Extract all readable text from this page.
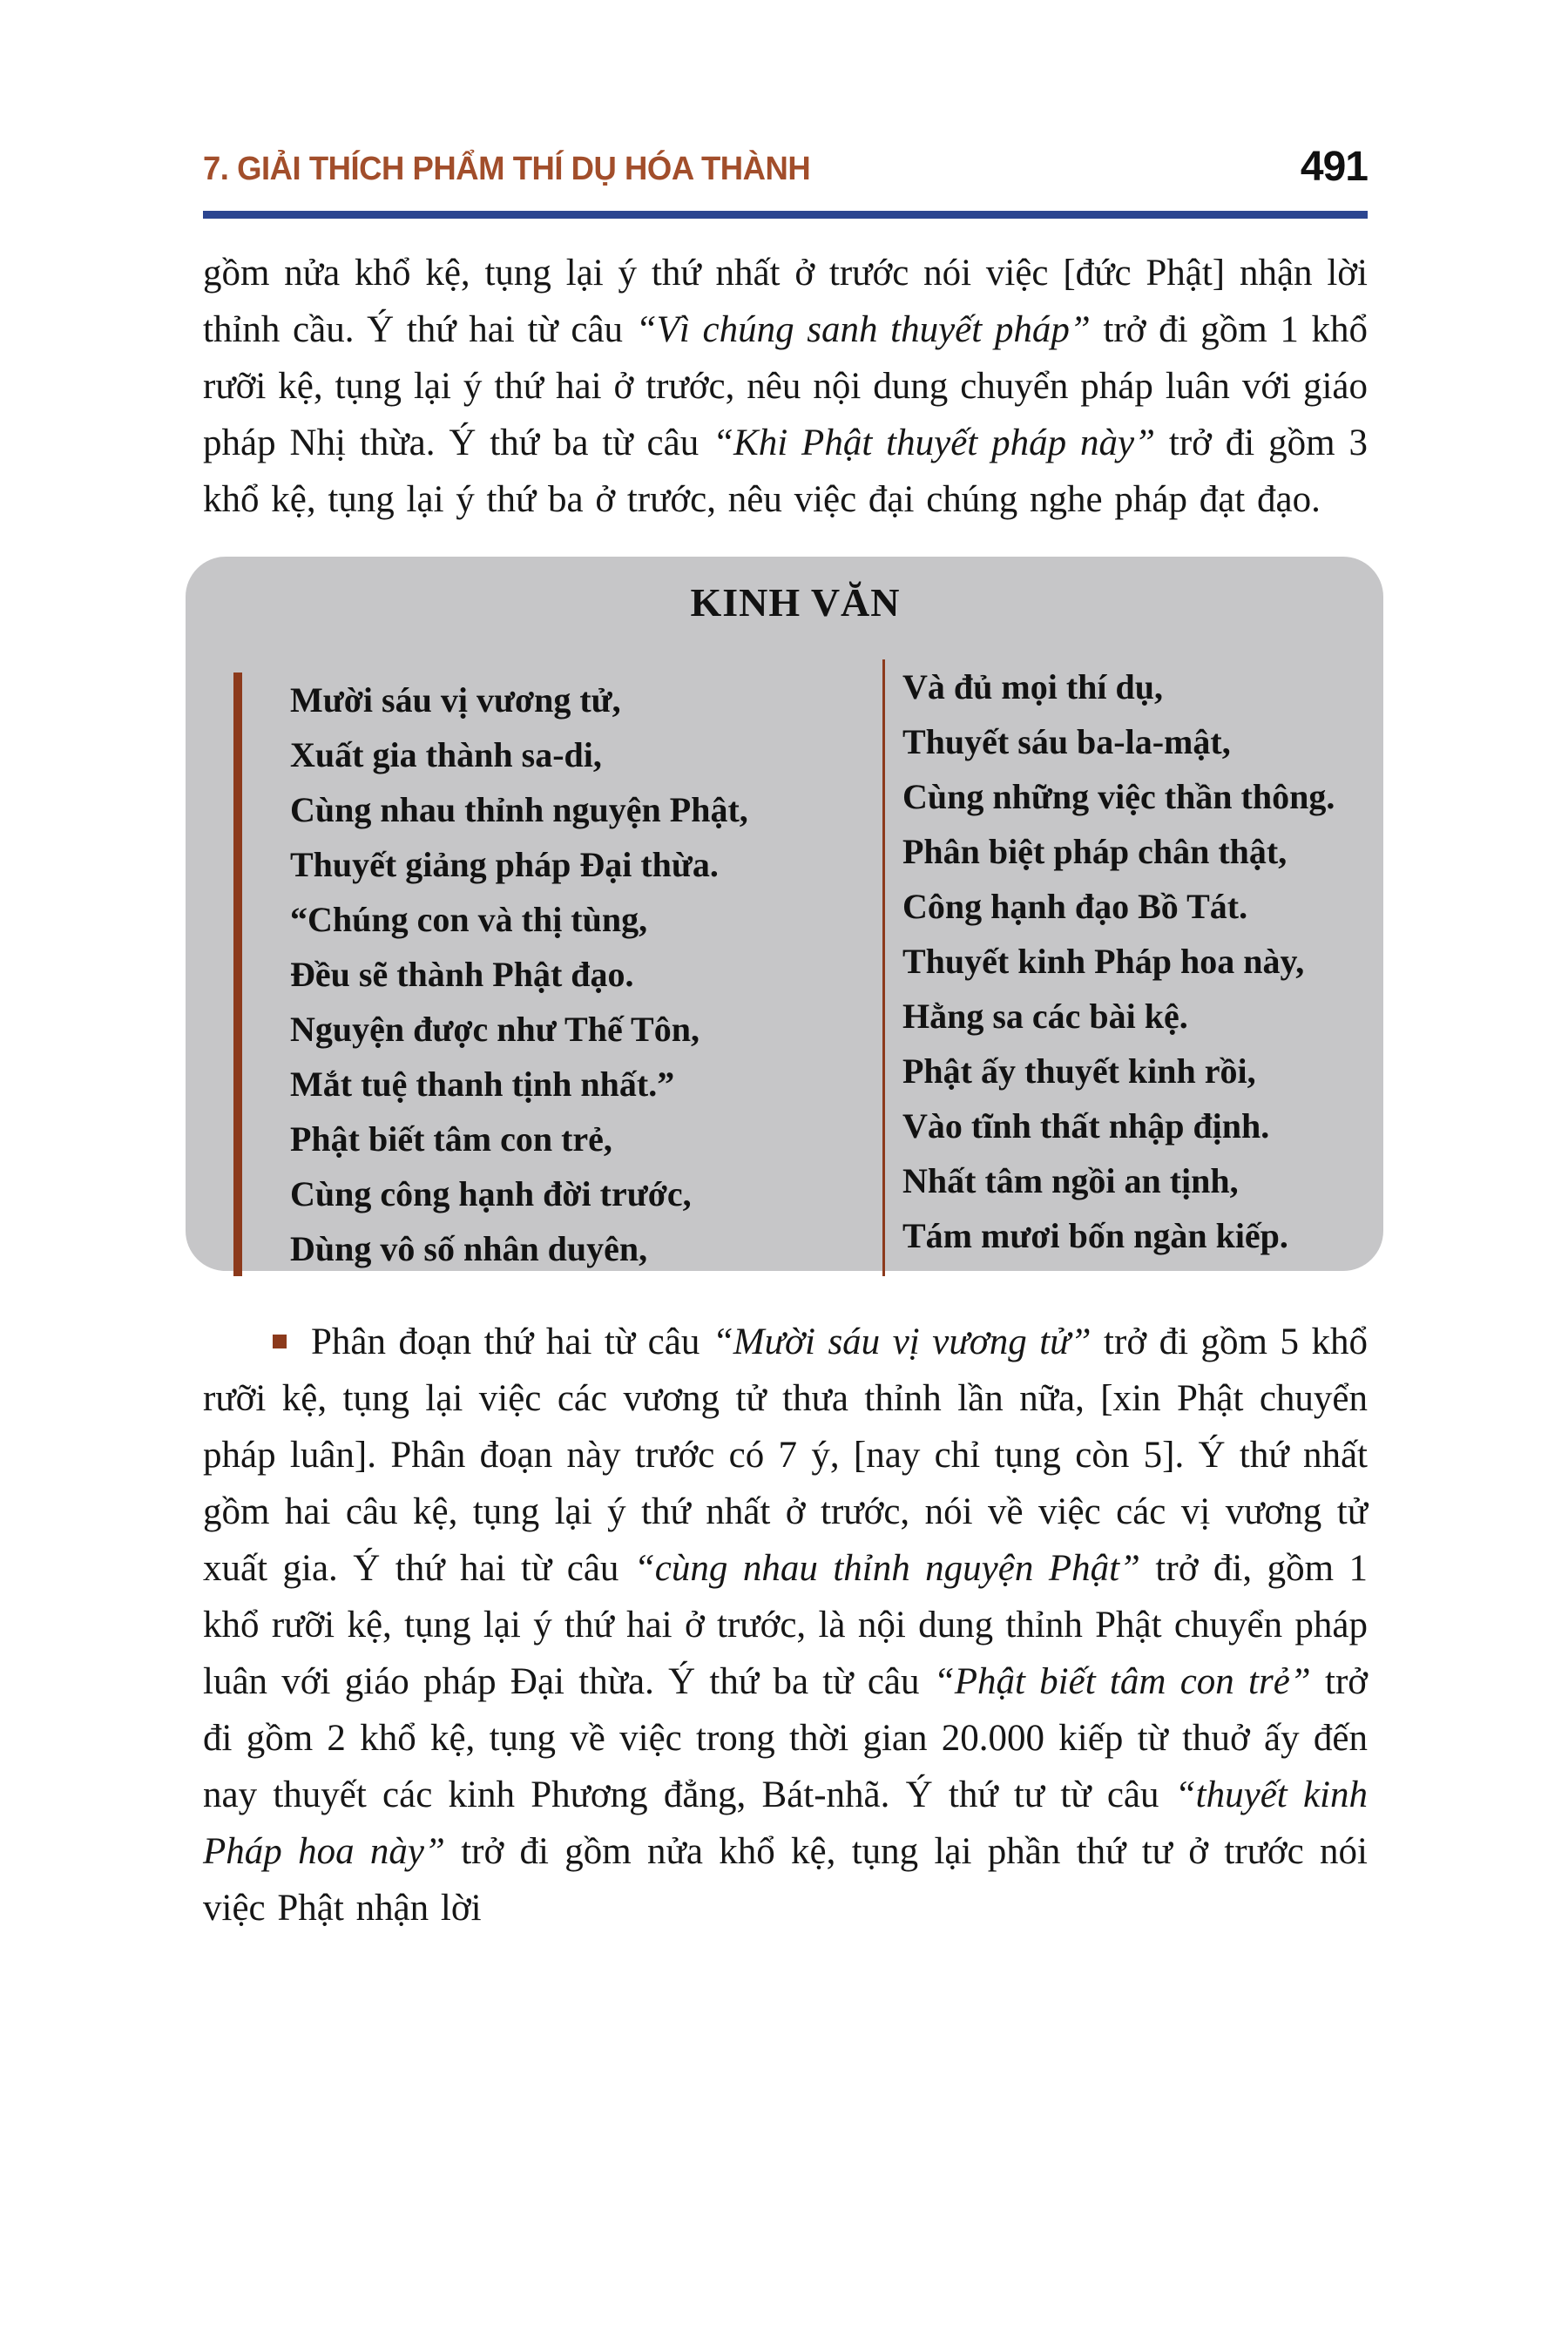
7. GIẢI THÍCH PHẨM THÍ DỤ HÓA THÀNH	491

gồm nửa khổ kệ, tụng lại ý thứ nhất ở trước nói việc [đức Phật] nhận lời thỉnh cầu. Ý thứ hai từ câu “Vì chúng sanh thuyết pháp” trở đi gồm 1 khổ rưỡi kệ, tụng lại ý thứ hai ở trước, nêu nội dung chuyển pháp luân với giáo pháp Nhị thừa. Ý thứ ba từ câu “Khi Phật thuyết pháp này” trở đi gồm 3 khổ kệ, tụng lại ý thứ ba ở trước, nêu việc đại chúng nghe pháp đạt đạo.

KINH VĂN
Mười sáu vị vương tử,
Xuất gia thành sa-di,
Cùng nhau thỉnh nguyện Phật,
Thuyết giảng pháp Đại thừa.
“Chúng con và thị tùng,
Đều sẽ thành Phật đạo.
Nguyện được như Thế Tôn,
Mắt tuệ thanh tịnh nhất.”
Phật biết tâm con trẻ,
Cùng công hạnh đời trước,
Dùng vô số nhân duyên,
Và đủ mọi thí dụ,
Thuyết sáu ba-la-mật,
Cùng những việc thần thông.
Phân biệt pháp chân thật,
Công hạnh đạo Bồ Tát.
Thuyết kinh Pháp hoa này,
Hằng sa các bài kệ.
Phật ấy thuyết kinh rồi,
Vào tĩnh thất nhập định.
Nhất tâm ngồi an tịnh,
Tám mươi bốn ngàn kiếp.

Phân đoạn thứ hai từ câu “Mười sáu vị vương tử” trở đi gồm 5 khổ rưỡi kệ, tụng lại việc các vương tử thưa thỉnh lần nữa, [xin Phật chuyển pháp luân]. Phân đoạn này trước có 7 ý, [nay chỉ tụng còn 5]. Ý thứ nhất gồm hai câu kệ, tụng lại ý thứ nhất ở trước, nói về việc các vị vương tử xuất gia. Ý thứ hai từ câu “cùng nhau thỉnh nguyện Phật” trở đi, gồm 1 khổ rưỡi kệ, tụng lại ý thứ hai ở trước, là nội dung thỉnh Phật chuyển pháp luân với giáo pháp Đại thừa. Ý thứ ba từ câu “Phật biết tâm con trẻ” trở đi gồm 2 khổ kệ, tụng về việc trong thời gian 20.000 kiếp từ thuở ấy đến nay thuyết các kinh Phương đẳng, Bát-nhã. Ý thứ tư từ câu “thuyết kinh Pháp hoa này” trở đi gồm nửa khổ kệ, tụng lại phần thứ tư ở trước nói việc Phật nhận lời
